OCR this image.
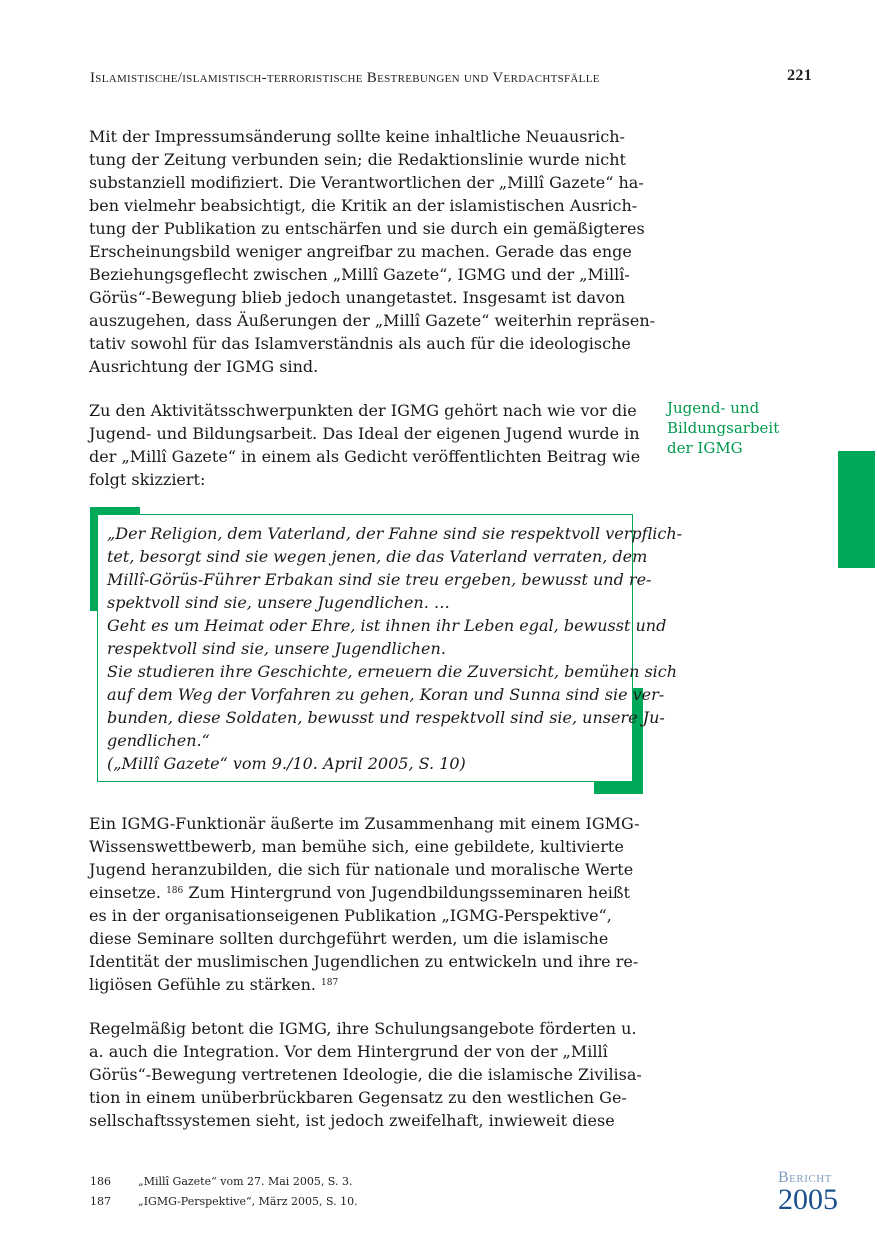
Islamistische/islamistisch-terroristische Bestrebungen und Verdachtsfälle	221
Mit der Impressumsänderung sollte keine inhaltliche Neuausrich-
tung der Zeitung verbunden sein; die Redaktionslinie wurde nicht
substanziell modifiziert. Die Verantwortlichen der „Millî Gazete“ ha-
ben vielmehr beabsichtigt, die Kritik an der islamistischen Ausrich-
tung der Publikation zu entschärfen und sie durch ein gemäßigteres
Erscheinungsbild weniger angreifbar zu machen. Gerade das enge
Beziehungsgeflecht zwischen „Millî Gazete“, IGMG und der „Millî-
Görüs“-Bewegung blieb jedoch unangetastet. Insgesamt ist davon
auszugehen, dass Äußerungen der „Millî Gazete“ weiterhin repräsen-
tativ sowohl für das Islamverständnis als auch für die ideologische
Ausrichtung der IGMG sind.
Zu den Aktivitätsschwerpunkten der IGMG gehört nach wie vor die
Jugend- und Bildungsarbeit. Das Ideal der eigenen Jugend wurde in
der „Millî Gazete“ in einem als Gedicht veröffentlichten Beitrag wie
folgt skizziert:
Jugend- und
Bildungsarbeit
der IGMG
„Der Religion, dem Vaterland, der Fahne sind sie respektvoll verpflich-
tet, besorgt sind sie wegen jenen, die das Vaterland verraten, dem
Millî-Görüs-Führer Erbakan sind sie treu ergeben, bewusst und re-
spektvoll sind sie, unsere Jugendlichen. …
Geht es um Heimat oder Ehre, ist ihnen ihr Leben egal, bewusst und
respektvoll sind sie, unsere Jugendlichen.
Sie studieren ihre Geschichte, erneuern die Zuversicht, bemühen sich
auf dem Weg der Vorfahren zu gehen, Koran und Sunna sind sie ver-
bunden, diese Soldaten, bewusst und respektvoll sind sie, unsere Ju-
gendlichen.“
(„Millî Gazete“ vom 9./10. April 2005, S. 10)
Ein IGMG-Funktionär äußerte im Zusammenhang mit einem IGMG-
Wissenswettbewerb, man bemühe sich, eine gebildete, kultivierte
Jugend heranzubilden, die sich für nationale und moralische Werte
einsetze. $^{186}$ Zum Hintergrund von Jugendbildungsseminaren heißt
es in der organisationseigenen Publikation „IGMG-Perspektive“,
diese Seminare sollten durchgeführt werden, um die islamische
Identität der muslimischen Jugendlichen zu entwickeln und ihre re-
ligiösen Gefühle zu stärken. $^{187}$
Regelmäßig betont die IGMG, ihre Schulungsangebote förderten u.
a. auch die Integration. Vor dem Hintergrund der von der „Millî
Görüs“-Bewegung vertretenen Ideologie, die die islamische Zivilisa-
tion in einem unüberbrückbaren Gegensatz zu den westlichen Ge-
sellschaftssystemen sieht, ist jedoch zweifelhaft, inwieweit diese
186 „Millî Gazete“ vom 27. Mai 2005, S. 3.
187 „IGMG-Perspektive“, März 2005, S. 10.
Bericht
2005
